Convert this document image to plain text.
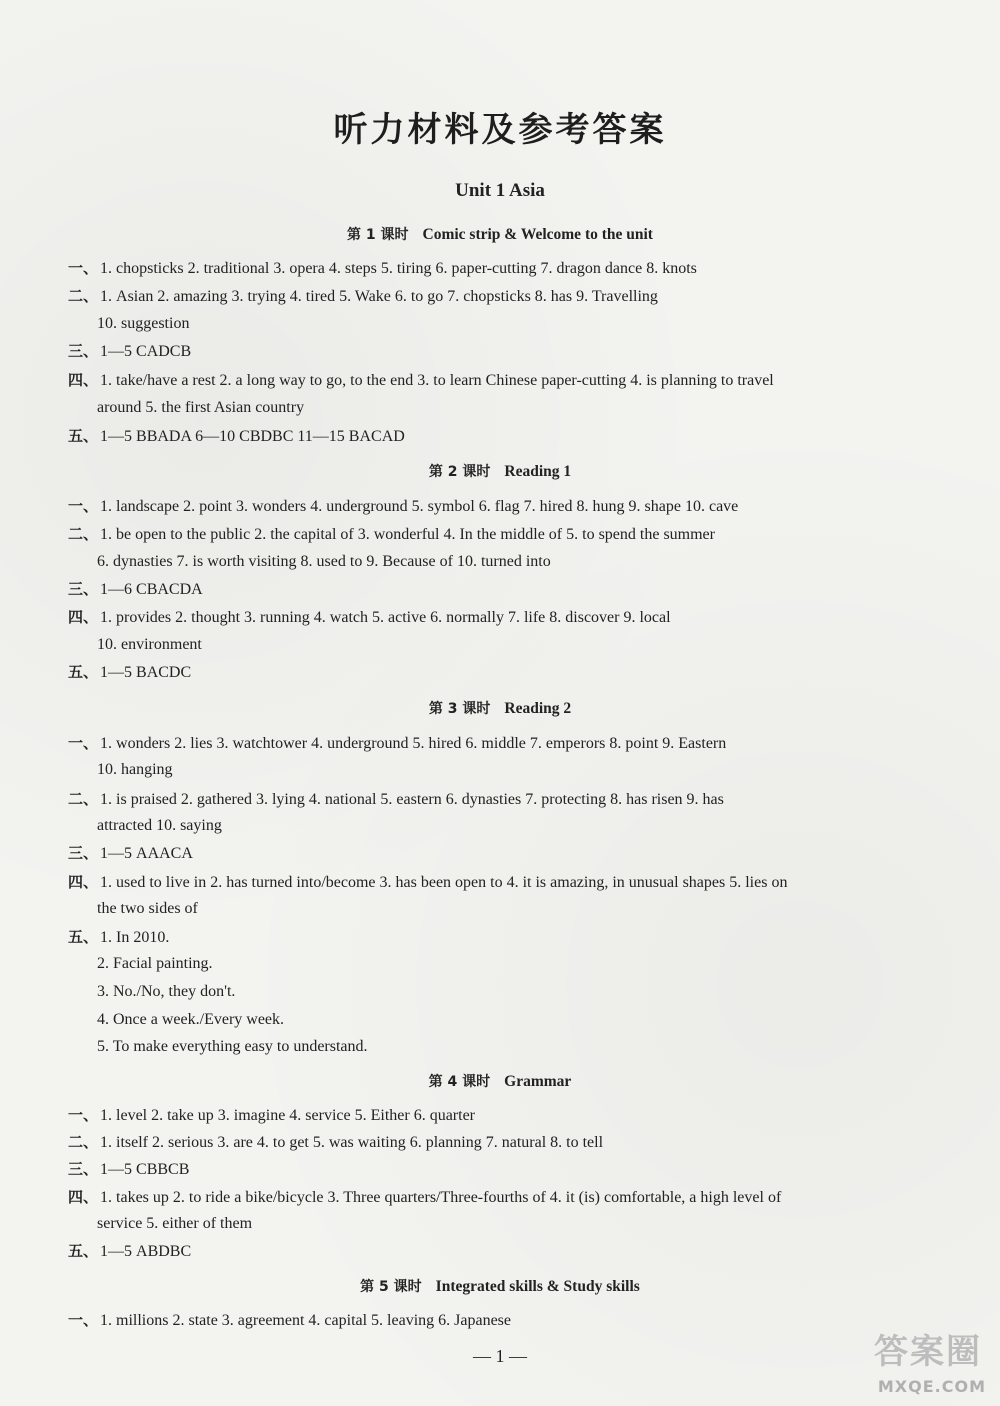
听力材料及参考答案
Unit 1 Asia
第 1 课时 Comic strip & Welcome to the unit
一、 1. chopsticks 2. traditional 3. opera 4. steps 5. tiring 6. paper-cutting 7. dragon dance 8. knots
二、 1. Asian 2. amazing 3. trying 4. tired 5. Wake 6. to go 7. chopsticks 8. has 9. Travelling
10. suggestion
三、 1—5 CADCB
四、 1. take/have a rest 2. a long way to go, to the end 3. to learn Chinese paper-cutting 4. is planning to travel
around 5. the first Asian country
五、 1—5 BBADA 6—10 CBDBC 11—15 BACAD
第 2 课时 Reading 1
一、 1. landscape 2. point 3. wonders 4. underground 5. symbol 6. flag 7. hired 8. hung 9. shape 10. cave
二、 1. be open to the public 2. the capital of 3. wonderful 4. In the middle of 5. to spend the summer
6. dynasties 7. is worth visiting 8. used to 9. Because of 10. turned into
三、 1—6 CBACDA
四、 1. provides 2. thought 3. running 4. watch 5. active 6. normally 7. life 8. discover 9. local
10. environment
五、 1—5 BACDC
第 3 课时 Reading 2
一、 1. wonders 2. lies 3. watchtower 4. underground 5. hired 6. middle 7. emperors 8. point 9. Eastern
10. hanging
二、 1. is praised 2. gathered 3. lying 4. national 5. eastern 6. dynasties 7. protecting 8. has risen 9. has
attracted 10. saying
三、 1—5 AAACA
四、 1. used to live in 2. has turned into/become 3. has been open to 4. it is amazing, in unusual shapes 5. lies on
the two sides of
五、 1. In 2010.
2. Facial painting.
3. No./No, they don't.
4. Once a week./Every week.
5. To make everything easy to understand.
第 4 课时 Grammar
一、 1. level 2. take up 3. imagine 4. service 5. Either 6. quarter
二、 1. itself 2. serious 3. are 4. to get 5. was waiting 6. planning 7. natural 8. to tell
三、 1—5 CBBCB
四、 1. takes up 2. to ride a bike/bicycle 3. Three quarters/Three-fourths of 4. it (is) comfortable, a high level of
service 5. either of them
五、 1—5 ABDBC
第 5 课时 Integrated skills & Study skills
一、 1. millions 2. state 3. agreement 4. capital 5. leaving 6. Japanese
— 1 —	答案圈
MXQE.COM
